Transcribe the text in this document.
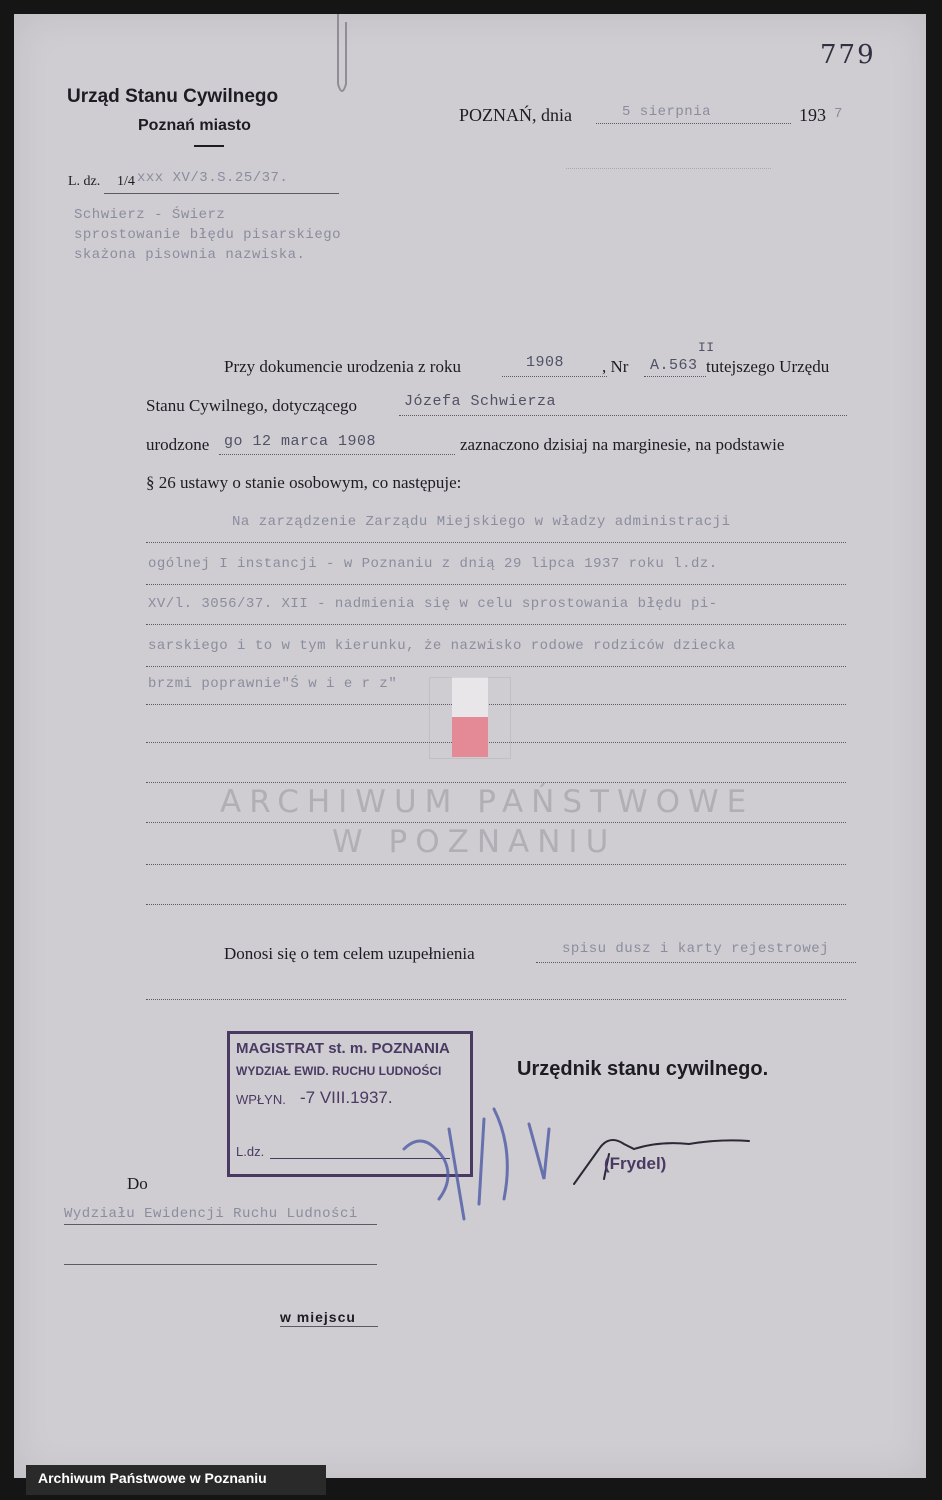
779
Urząd Stanu Cywilnego
Poznań miasto
POZNAŃ, dnia	5 sierpnia	193 7
L. dz. 1/4 xxx XV/3.S.25/37.
Schwierz - Świerz
sprostowanie błędu pisarskiego
skażona pisownia nazwiska.
Przy dokumencie urodzenia z roku	1908 , Nr A.563
II
tutejszego Urzędu
Stanu Cywilnego, dotyczącego	Józefa Schwierza
urodzone go 12 marca 1908	zaznaczono dzisiaj na marginesie, na podstawie
§ 26 ustawy o stanie osobowym, co następuje:
Na zarządzenie Zarządu Miejskiego w władzy administracji
ogólnej I instancji - w Poznaniu z dnią 29 lipca 1937 roku l.dz.
XV/l. 3056/37. XII - nadmienia się w celu sprostowania błędu pi-
sarskiego i to w tym kierunku, że nazwisko rodowe rodziców dziecka
brzmi poprawnie"Ś w i e r z"
ARCHIWUM PAŃSTWOWE
W POZNANIU
Donosi się o tem celem uzupełnienia	spisu dusz i karty rejestrowej
MAGISTRAT st. m. POZNANIA
WYDZIAŁ EWID. RUCHU LUDNOŚCI
WPŁYN. -7 VIII.1937.
L.dz.
Urzędnik stanu cywilnego.
(Frydel)
Do
Wydziału Ewidencji Ruchu Ludności
w miejscu
Archiwum Państwowe w Poznaniu
